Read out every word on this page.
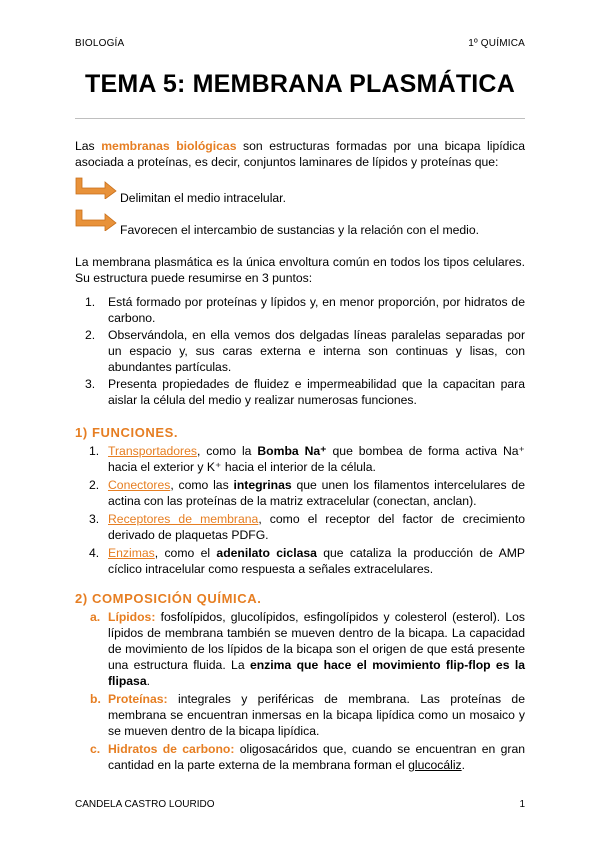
BIOLOGÍA	1º QUÍMICA
TEMA 5: MEMBRANA PLASMÁTICA

Las membranas biológicas son estructuras formadas por una bicapa lipídica asociada a proteínas, es decir, conjuntos laminares de lípidos y proteínas que:

Delimitan el medio intracelular.
Favorecen el intercambio de sustancias y la relación con el medio.

La membrana plasmática es la única envoltura común en todos los tipos celulares. Su estructura puede resumirse en 3 puntos:

1. Está formado por proteínas y lípidos y, en menor proporción, por hidratos de carbono.
2. Observándola, en ella vemos dos delgadas líneas paralelas separadas por un espacio y, sus caras externa e interna son continuas y lisas, con abundantes partículas.
3. Presenta propiedades de fluidez e impermeabilidad que la capacitan para aislar la célula del medio y realizar numerosas funciones.
1) FUNCIONES.
1. Transportadores, como la Bomba Na⁺ que bombea de forma activa Na⁺ hacia el exterior y K⁺ hacia el interior de la célula.
2. Conectores, como las integrinas que unen los filamentos intercelulares de actina con las proteínas de la matriz extracelular (conectan, anclan).
3. Receptores de membrana, como el receptor del factor de crecimiento derivado de plaquetas PDFG.
4. Enzimas, como el adenilato ciclasa que cataliza la producción de AMP cíclico intracelular como respuesta a señales extracelulares.
2) COMPOSICIÓN QUÍMICA.
a. Lípidos: fosfolípidos, glucolípidos, esfingolípidos y colesterol (esterol). Los lípidos de membrana también se mueven dentro de la bicapa. La capacidad de movimiento de los lípidos de la bicapa son el origen de que está presente una estructura fluida. La enzima que hace el movimiento flip-flop es la flipasa.
b. Proteínas: integrales y periféricas de membrana. Las proteínas de membrana se encuentran inmersas en la bicapa lipídica como un mosaico y se mueven dentro de la bicapa lipídica.
c. Hidratos de carbono: oligosacáridos que, cuando se encuentran en gran cantidad en la parte externa de la membrana forman el glucocáliz.
CANDELA CASTRO LOURIDO	1
